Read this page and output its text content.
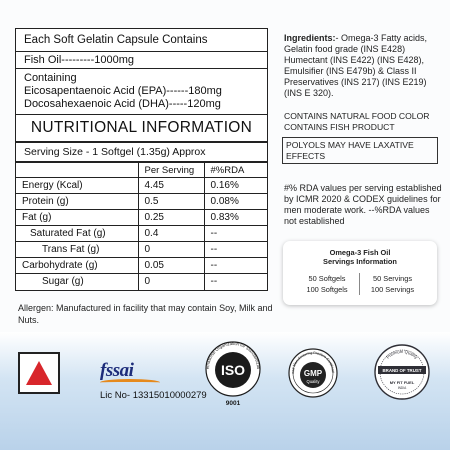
Each Soft Gelatin Capsule Contains
Fish Oil---------1000mg
Containing
Eicosapentaenoic Acid (EPA)------180mg
Docosahexaenoic Acid (DHA)-----120mg
NUTRITIONAL INFORMATION
Serving Size - 1 Softgel (1.35g) Approx
	Per Serving	#%RDA
Energy (Kcal)	4.45	0.16%
Protein (g)	0.5	0.08%
Fat (g)	0.25	0.83%
Saturated Fat (g)	0.4	--
Trans Fat (g)	0	--
Carbohydrate (g)	0.05	--
Sugar (g)	0	--
Allergen: Manufactured in facility that may contain Soy, Milk and Nuts.
Ingredients:- Omega-3 Fatty acids, Gelatin food grade (INS E428) Humectant (INS E422) (INS E428), Emulsifier (INS E479b) & Class II Preservatives (INS 217) (INS E219) (INS E 320).
CONTAINS NATURAL FOOD COLOR CONTAINS FISH PRODUCT
POLYOLS MAY HAVE LAXATIVE EFFECTS
#% RDA values per serving established by ICMR 2020 & CODEX guidelines for men moderate work. --%RDA values not established
Omega-3 Fish Oil
Servings Information
50 Softgels	50 Servings
100 Softgels	100 Servings
fssai
Lic No- 13315010000279
ernational Organization for Standardizati
ISO
9001
ood Manufacturing Practice Certificati
GMP
Quality
Premium Quality
BRAND OF TRUST
MY FIT FUEL
INDIA
